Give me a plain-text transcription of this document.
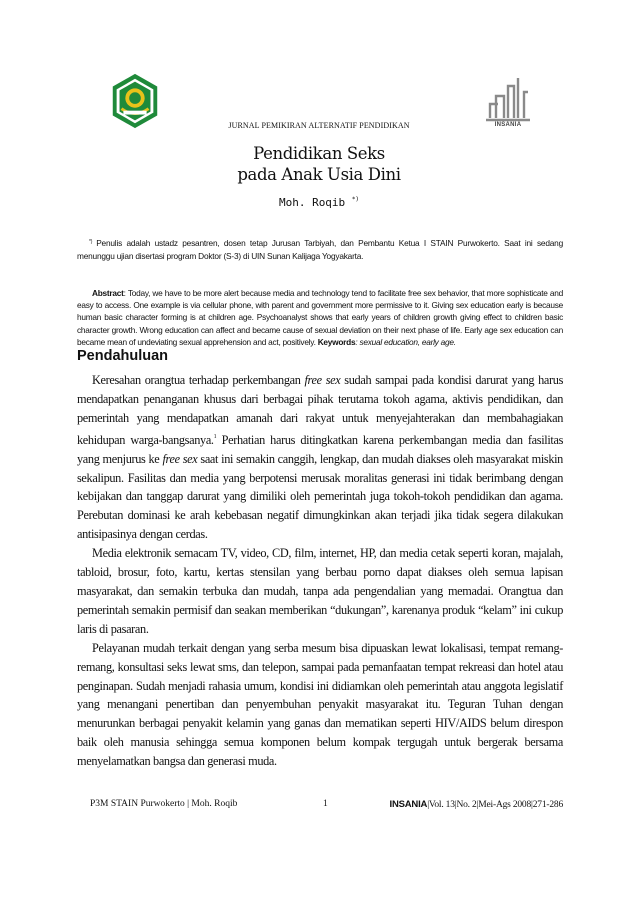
INSANIA
JURNAL PEMIKIRAN ALTERNATIF PENDIDIKAN
Pendidikan Seks
pada Anak Usia Dini
Moh. Roqib *)

*) Penulis adalah ustadz pesantren, dosen tetap Jurusan Tarbiyah, dan Pembantu Ketua I STAIN Purwokerto. Saat ini sedang menunggu ujian disertasi program Doktor (S-3) di UIN Sunan Kalijaga Yogyakarta.

Abstract: Today, we have to be more alert because media and technology tend to facilitate free sex behavior, that more sophisticate and easy to access. One example is via cellular phone, with parent and government more permissive to it. Giving sex education early is because human basic character forming is at children age. Psychoanalyst shows that early years of children growth giving effect to children basic character growth. Wrong education can affect and became cause of sexual deviation on their next phase of life. Early age sex education can became mean of undeviating sexual apprehension and act, positively. Keywords: sexual education, early age.

Pendahuluan

Keresahan orangtua terhadap perkembangan free sex sudah sampai pada kondisi darurat yang harus mendapatkan penanganan khusus dari berbagai pihak terutama tokoh agama, aktivis pendidikan, dan pemerintah yang mendapatkan amanah dari rakyat untuk menyejahterakan dan membahagiakan kehidupan warga-bangsanya.$^1$ Perhatian harus ditingkatkan karena perkembangan media dan fasilitas yang menjurus ke free sex saat ini semakin canggih, lengkap, dan mudah diakses oleh masyarakat miskin sekalipun. Fasilitas dan media yang berpotensi merusak moralitas generasi ini tidak berimbang dengan kebijakan dan tanggap darurat yang dimiliki oleh pemerintah juga tokoh-tokoh pendidikan dan agama. Perebutan dominasi ke arah kebebasan negatif dimungkinkan akan terjadi jika tidak segera dilakukan antisipasinya dengan cerdas.

Media elektronik semacam TV, video, CD, film, internet, HP, dan media cetak seperti koran, majalah, tabloid, brosur, foto, kartu, kertas stensilan yang berbau porno dapat diakses oleh semua lapisan masyarakat, dan semakin terbuka dan mudah, tanpa ada pengendalian yang memadai. Orangtua dan pemerintah semakin permisif dan seakan memberikan “dukungan”, karenanya produk “kelam” ini cukup laris di pasaran.

Pelayanan mudah terkait dengan yang serba mesum bisa dipuaskan lewat lokalisasi, tempat remang-remang, konsultasi seks lewat sms, dan telepon, sampai pada pemanfaatan tempat rekreasi dan hotel atau penginapan. Sudah menjadi rahasia umum, kondisi ini didiamkan oleh pemerintah atau anggota legislatif yang menangani penertiban dan penyembuhan penyakit masyarakat itu. Teguran Tuhan dengan menurunkan berbagai penyakit kelamin yang ganas dan mematikan seperti HIV/AIDS belum direspon baik oleh manusia sehingga semua komponen belum kompak tergugah untuk bergerak bersama menyelamatkan bangsa dan generasi muda.

P3M STAIN Purwokerto | Moh. Roqib	1	INSANIA|Vol. 13|No. 2|Mei-Ags 2008|271-286
